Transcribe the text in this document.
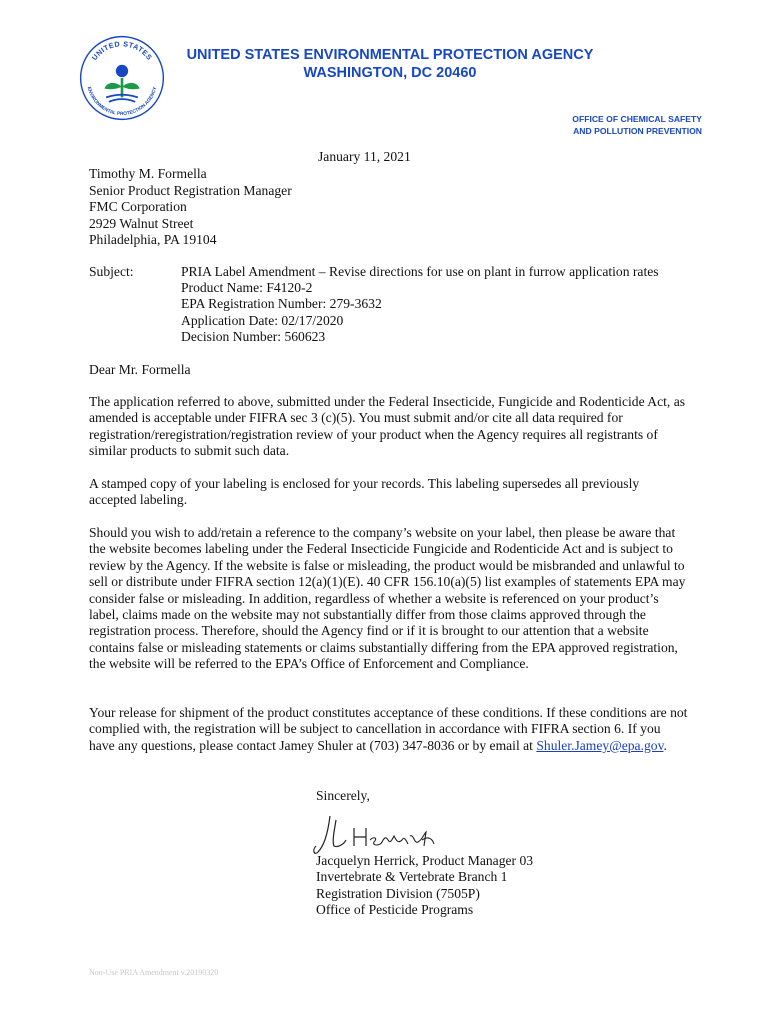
UNITED STATES
ENVIRONMENTAL PROTECTION AGENCY
UNITED STATES ENVIRONMENTAL PROTECTION AGENCY
WASHINGTON, DC 20460
OFFICE OF CHEMICAL SAFETY
AND POLLUTION PREVENTION
January 11, 2021
Timothy M. Formella
Senior Product Registration Manager
FMC Corporation
2929 Walnut Street
Philadelphia, PA 19104
Subject:	PRIA Label Amendment – Revise directions for use on plant in furrow application rates
Product Name: F4120-2
EPA Registration Number: 279-3632
Application Date: 02/17/2020
Decision Number: 560623
Dear Mr. Formella
The application referred to above, submitted under the Federal Insecticide, Fungicide and Rodenticide Act, as amended is acceptable under FIFRA sec 3 (c)(5). You must submit and/or cite all data required for registration/reregistration/registration review of your product when the Agency requires all registrants of similar products to submit such data.
A stamped copy of your labeling is enclosed for your records. This labeling supersedes all previously accepted labeling.
Should you wish to add/retain a reference to the company’s website on your label, then please be aware that the website becomes labeling under the Federal Insecticide Fungicide and Rodenticide Act and is subject to review by the Agency. If the website is false or misleading, the product would be misbranded and unlawful to sell or distribute under FIFRA section 12(a)(1)(E). 40 CFR 156.10(a)(5) list examples of statements EPA may consider false or misleading. In addition, regardless of whether a website is referenced on your product’s label, claims made on the website may not substantially differ from those claims approved through the registration process. Therefore, should the Agency find or if it is brought to our attention that a website contains false or misleading statements or claims substantially differing from the EPA approved registration, the website will be referred to the EPA’s Office of Enforcement and Compliance.
Your release for shipment of the product constitutes acceptance of these conditions. If these conditions are not complied with, the registration will be subject to cancellation in accordance with FIFRA section 6. If you have any questions, please contact Jamey Shuler at (703) 347-8036 or by email at Shuler.Jamey@epa.gov.
Sincerely,
Jacquelyn Herrick, Product Manager 03
Invertebrate & Vertebrate Branch 1
Registration Division (7505P)
Office of Pesticide Programs
Non-Use PRIA Amendment v.20190320
